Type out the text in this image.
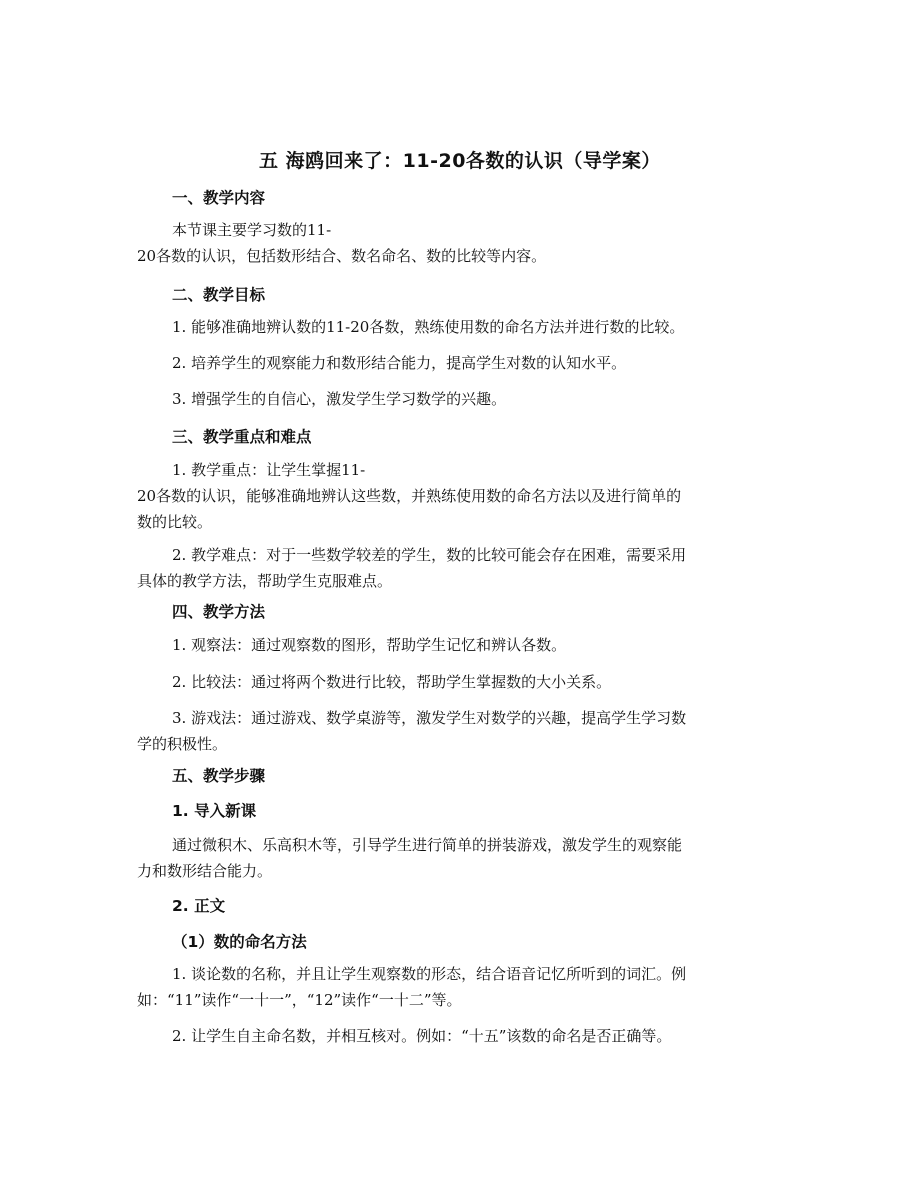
五 海鸥回来了：11-20各数的认识（导学案）
一、教学内容
本节课主要学习数的11-
20各数的认识，包括数形结合、数名命名、数的比较等内容。
二、教学目标
1. 能够准确地辨认数的11-20各数，熟练使用数的命名方法并进行数的比较。
2. 培养学生的观察能力和数形结合能力，提高学生对数的认知水平。
3. 增强学生的自信心，激发学生学习数学的兴趣。
三、教学重点和难点
1. 教学重点：让学生掌握11-
20各数的认识，能够准确地辨认这些数，并熟练使用数的命名方法以及进行简单的
数的比较。
2. 教学难点：对于一些数学较差的学生，数的比较可能会存在困难，需要采用
具体的教学方法，帮助学生克服难点。
四、教学方法
1. 观察法：通过观察数的图形，帮助学生记忆和辨认各数。
2. 比较法：通过将两个数进行比较，帮助学生掌握数的大小关系。
3. 游戏法：通过游戏、数学桌游等，激发学生对数学的兴趣，提高学生学习数
学的积极性。
五、教学步骤
1. 导入新课
通过微积木、乐高积木等，引导学生进行简单的拼装游戏，激发学生的观察能
力和数形结合能力。
2. 正文
（1）数的命名方法
1. 谈论数的名称，并且让学生观察数的形态，结合语音记忆所听到的词汇。例
如：“11”读作“一十一”，“12”读作“一十二”等。
2. 让学生自主命名数，并相互核对。例如：“十五”该数的命名是否正确等。
